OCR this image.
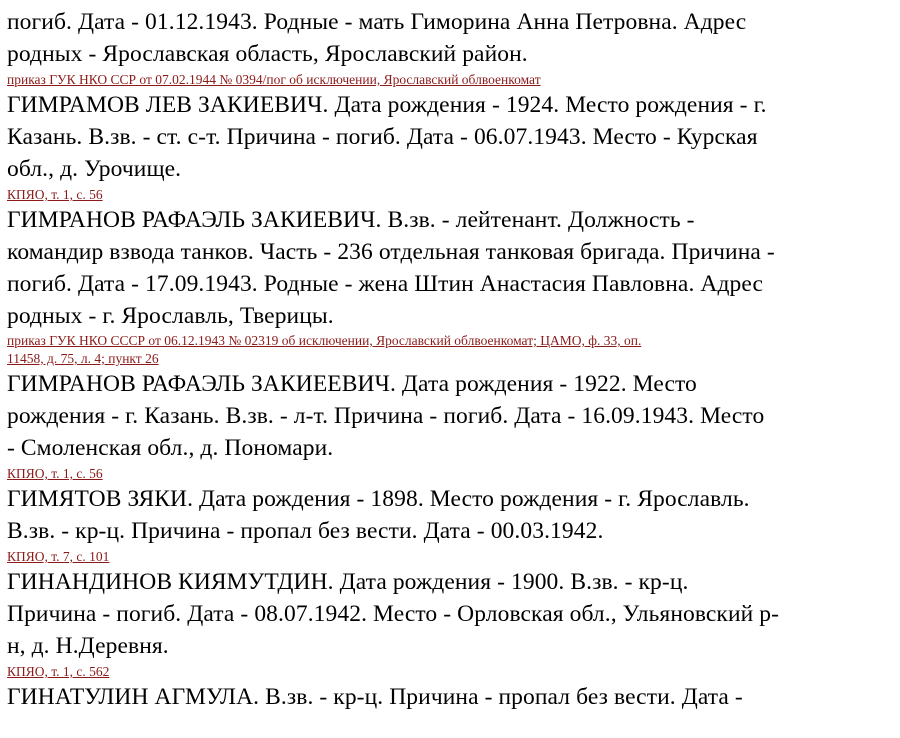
погиб. Дата - 01.12.1943. Родные - мать Гиморина Анна Петровна. Адрес
родных - Ярославская область, Ярославский район.
приказ ГУК НКО ССР от 07.02.1944 № 0394/пог об исключении, Ярославский облвоенкомат
ГИМРАМОВ ЛЕВ ЗАКИЕВИЧ. Дата рождения - 1924. Место рождения - г.
Казань. В.зв. - ст. с-т. Причина - погиб. Дата - 06.07.1943. Место - Курская
обл., д. Урочище.
КПЯО, т. 1, с. 56
ГИМРАНОВ РАФАЭЛЬ ЗАКИЕВИЧ. В.зв. - лейтенант. Должность -
командир взвода танков. Часть - 236 отдельная танковая бригада. Причина -
погиб. Дата - 17.09.1943. Родные - жена Штин Анастасия Павловна. Адрес
родных - г. Ярославль, Тверицы.
приказ ГУК НКО СССР от 06.12.1943 № 02319 об исключении, Ярославский облвоенкомат; ЦАМО, ф. 33, оп.
11458, д. 75, л. 4; пункт 26
ГИМРАНОВ РАФАЭЛЬ ЗАКИЕЕВИЧ. Дата рождения - 1922. Место
рождения - г. Казань. В.зв. - л-т. Причина - погиб. Дата - 16.09.1943. Место
- Смоленская обл., д. Пономари.
КПЯО, т. 1, с. 56
ГИМЯТОВ ЗЯКИ. Дата рождения - 1898. Место рождения - г. Ярославль.
В.зв. - кр-ц. Причина - пропал без вести. Дата - 00.03.1942.
КПЯО, т. 7, с. 101
ГИНАНДИНОВ КИЯМУТДИН. Дата рождения - 1900. В.зв. - кр-ц.
Причина - погиб. Дата - 08.07.1942. Место - Орловская обл., Ульяновский р-
н, д. Н.Деревня.
КПЯО, т. 1, с. 562
ГИНАТУЛИН АГМУЛА. В.зв. - кр-ц. Причина - пропал без вести. Дата -
